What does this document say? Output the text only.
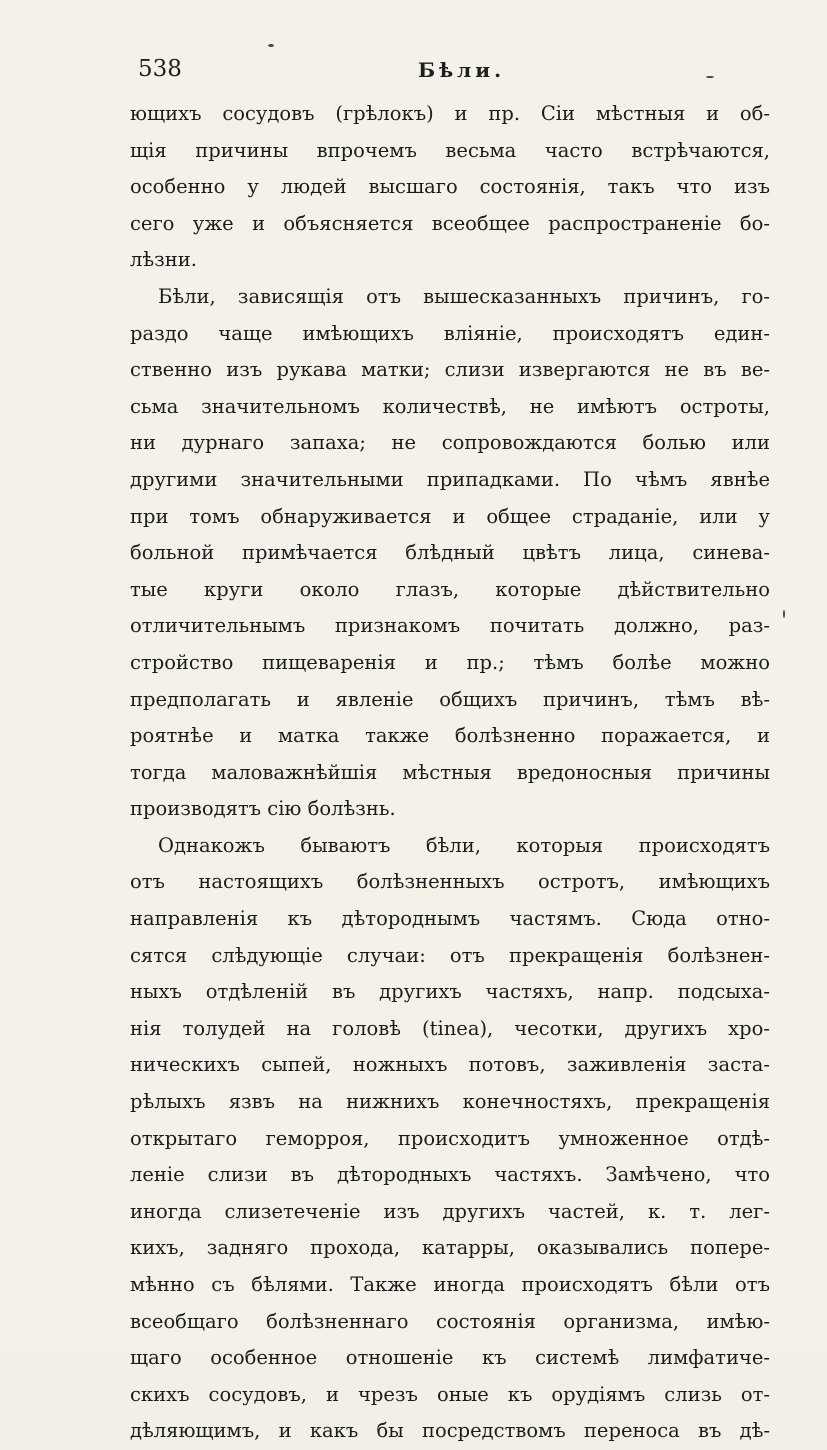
538	Бѣли.
ющихъ сосудовъ (грѣлокъ) и пр. Сіи мѣстныя и об-
щія причины впрочемъ весьма часто встрѣчаются,
особенно у людей высшаго состоянія, такъ что изъ
сего уже и объясняется всеобщее распространеніе бо-
лѣзни.
Бѣли, зависящія отъ вышесказанныхъ причинъ, го-
раздо чаще имѣющихъ вліяніе, происходятъ един-
ственно изъ рукава матки; слизи извергаются не въ ве-
сьма значительномъ количествѣ, не имѣютъ остроты,
ни дурнаго запаха; не сопровождаются болью или
другими значительными припадками. По чѣмъ явнѣе
при томъ обнаруживается и общее страданіе, или у
больной примѣчается блѣдный цвѣтъ лица, синева-
тые круги около глазъ, которые дѣйствительно
отличительнымъ признакомъ почитать должно, раз-
стройство пищеваренія и пр.; тѣмъ болѣе можно
предполагать и явленіе общихъ причинъ, тѣмъ вѣ-
роятнѣе и матка также болѣзненно поражается, и
тогда маловажнѣйшія мѣстныя вредоносныя причины
производятъ сію болѣзнь.
Однакожъ бываютъ бѣли, которыя происходятъ
отъ настоящихъ болѣзненныхъ остротъ, имѣющихъ
направленія къ дѣтороднымъ частямъ. Сюда отно-
сятся слѣдующіе случаи: отъ прекращенія болѣзнен-
ныхъ отдѣленій въ другихъ частяхъ, напр. подсыха-
нія толудей на головѣ (tinea), чесотки, другихъ хро-
ническихъ сыпей, ножныхъ потовъ, заживленія заста-
рѣлыхъ язвъ на нижнихъ конечностяхъ, прекращенія
открытаго геморроя, происходитъ умноженное отдѣ-
леніе слизи въ дѣтородныхъ частяхъ. Замѣчено, что
иногда слизетеченіе изъ другихъ частей, к. т. лег-
кихъ, задняго прохода, катарры, оказывались попере-
мѣнно съ бѣлями. Также иногда происходятъ бѣли отъ
всеобщаго болѣзненнаго состоянія организма, имѣю-
щаго особенное отношеніе къ системѣ лимфатиче-
скихъ сосудовъ, и чрезъ оные къ орудіямъ слизь от-
дѣляющимъ, и какъ бы посредствомъ переноса въ дѣ-
